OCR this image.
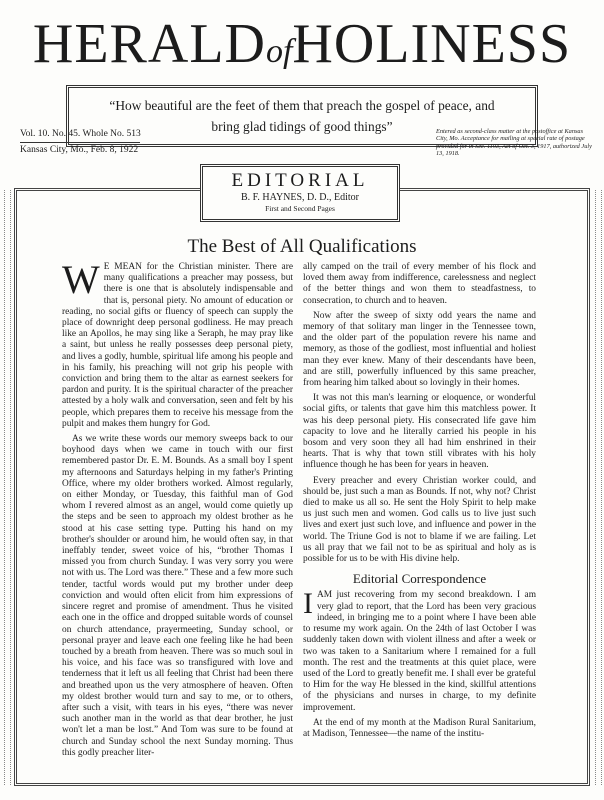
HERALDofHOLINESS
“How beautiful are the feet of them that preach the gospel of peace, and
bring glad tidings of good things”
Vol. 10. No. 45. Whole No. 513
Kansas City, Mo., Feb. 8, 1922
Entered as second-class matter at the postoffice at Kansas City, Mo. Acceptance for mailing at special rate of postage provided for in Sec. 1103, Act of Oct. 3, 1917, authorized July 13, 1918.
EDITORIAL
B. F. HAYNES, D. D., Editor
First and Second Pages
The Best of All Qualifications

W E MEAN for the Christian minister. There are many qualifications a preacher may possess, but there is one that is absolutely indispensable and that is, personal piety. No amount of education or reading, no social gifts or fluency of speech can supply the place of downright deep personal godliness. He may preach like an Apollos, he may sing like a Seraph, he may pray like a saint, but unless he really possesses deep personal piety, and lives a godly, humble, spiritual life among his people and in his family, his preaching will not grip his people with conviction and bring them to the altar as earnest seekers for pardon and purity. It is the spiritual character of the preacher attested by a holy walk and conversation, seen and felt by his people, which prepares them to receive his message from the pulpit and makes them hungry for God.

As we write these words our memory sweeps back to our boyhood days when we came in touch with our first remembered pastor Dr. E. M. Bounds. As a small boy I spent my afternoons and Saturdays helping in my father's Printing Office, where my older brothers worked. Almost regularly, on either Monday, or Tuesday, this faithful man of God whom I revered almost as an angel, would come quietly up the steps and be seen to approach my oldest brother as he stood at his case setting type. Putting his hand on my brother's shoulder or around him, he would often say, in that ineffably tender, sweet voice of his, “brother Thomas I missed you from church Sunday. I was very sorry you were not with us. The Lord was there.” These and a few more such tender, tactful words would put my brother under deep conviction and would often elicit from him expressions of sincere regret and promise of amendment. Thus he visited each one in the office and dropped suitable words of counsel on church attendance, prayermeeting, Sunday school, or personal prayer and leave each one feeling like he had been touched by a breath from heaven. There was so much soul in his voice, and his face was so transfigured with love and tenderness that it left us all feeling that Christ had been there and breathed upon us the very atmosphere of heaven. Often my oldest brother would turn and say to me, or to others, after such a visit, with tears in his eyes, “there was never such another man in the world as that dear brother, he just won't let a man be lost.” And Tom was sure to be found at church and Sunday school the next Sunday morning. Thus this godly preacher liter-

ally camped on the trail of every member of his flock and loved them away from indifference, carelessness and neglect of the better things and won them to steadfastness, to consecration, to church and to heaven.

Now after the sweep of sixty odd years the name and memory of that solitary man linger in the Tennessee town, and the older part of the population revere his name and memory, as those of the godliest, most influential and holiest man they ever knew. Many of their descendants have been, and are still, powerfully influenced by this same preacher, from hearing him talked about so lovingly in their homes.

It was not this man's learning or eloquence, or wonderful social gifts, or talents that gave him this matchless power. It was his deep personal piety. His consecrated life gave him capacity to love and he literally carried his people in his bosom and very soon they all had him enshrined in their hearts. That is why that town still vibrates with his holy influence though he has been for years in heaven.

Every preacher and every Christian worker could, and should be, just such a man as Bounds. If not, why not? Christ died to make us all so. He sent the Holy Spirit to help make us just such men and women. God calls us to live just such lives and exert just such love, and influence and power in the world. The Triune God is not to blame if we are failing. Let us all pray that we fail not to be as spiritual and holy as is possible for us to be with His divine help.

Editorial Correspondence

IAM just recovering from my second breakdown. I am very glad to report, that the Lord has been very gracious indeed, in bringing me to a point where I have been able to resume my work again. On the 24th of last October I was suddenly taken down with violent illness and after a week or two was taken to a Sanitarium where I remained for a full month. The rest and the treatments at this quiet place, were used of the Lord to greatly benefit me. I shall ever be grateful to Him for the way He blessed in the kind, skillful attentions of the physicians and nurses in charge, to my definite improvement.

At the end of my month at the Madison Rural Sanitarium, at Madison, Tennessee—the name of the institu-
